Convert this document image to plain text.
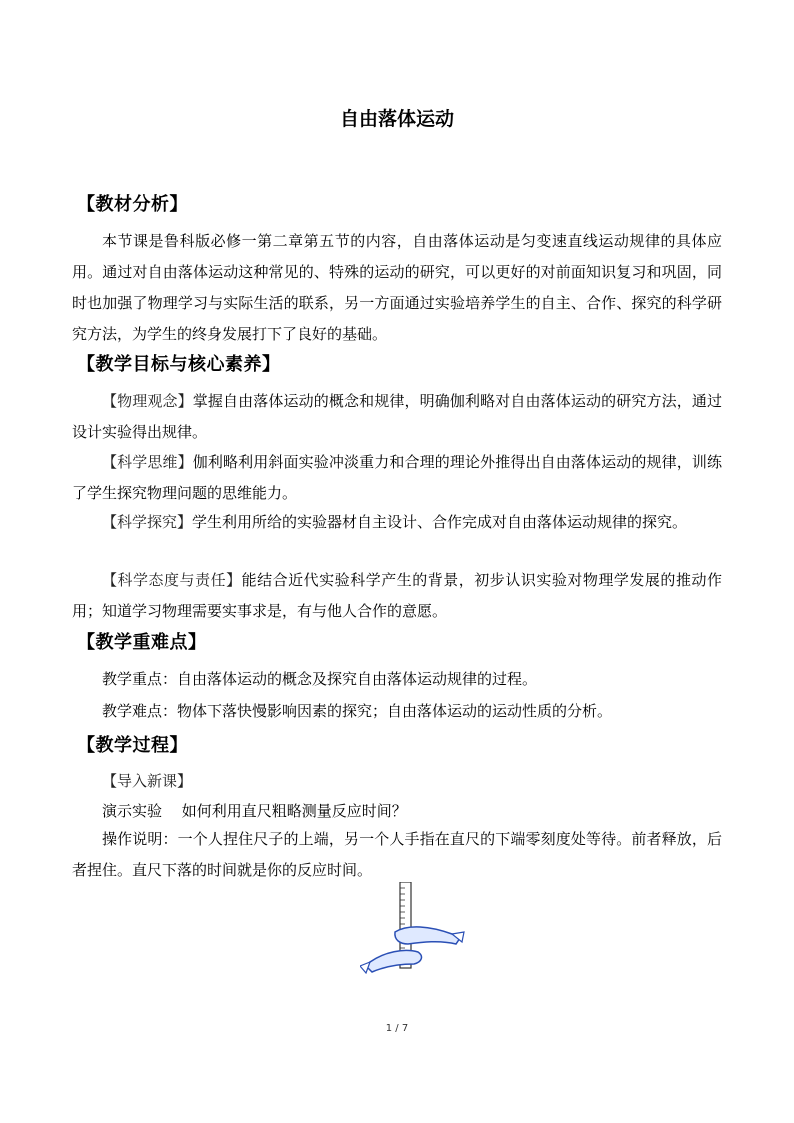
自由落体运动
【教材分析】

本节课是鲁科版必修一第二章第五节的内容，自由落体运动是匀变速直线运动规律的具体应用。通过对自由落体运动这种常见的、特殊的运动的研究，可以更好的对前面知识复习和巩固，同时也加强了物理学习与实际生活的联系，另一方面通过实验培养学生的自主、合作、探究的科学研究方法，为学生的终身发展打下了良好的基础。

【教学目标与核心素养】

【物理观念】掌握自由落体运动的概念和规律，明确伽利略对自由落体运动的研究方法，通过设计实验得出规律。

【科学思维】伽利略利用斜面实验冲淡重力和合理的理论外推得出自由落体运动的规律，训练了学生探究物理问题的思维能力。

【科学探究】学生利用所给的实验器材自主设计、合作完成对自由落体运动规律的探究。

【科学态度与责任】能结合近代实验科学产生的背景，初步认识实验对物理学发展的推动作用；知道学习物理需要实事求是，有与他人合作的意愿。

【教学重难点】
教学重点：自由落体运动的概念及探究自由落体运动规律的过程。
教学难点：物体下落快慢影响因素的探究；自由落体运动的运动性质的分析。
【教学过程】
【导入新课】
演示实验　 如何利用直尺粗略测量反应时间？

操作说明：一个人捏住尺子的上端，另一个人手指在直尺的下端零刻度处等待。前者释放，后者捏住。直尺下落的时间就是你的反应时间。

1 / 7
